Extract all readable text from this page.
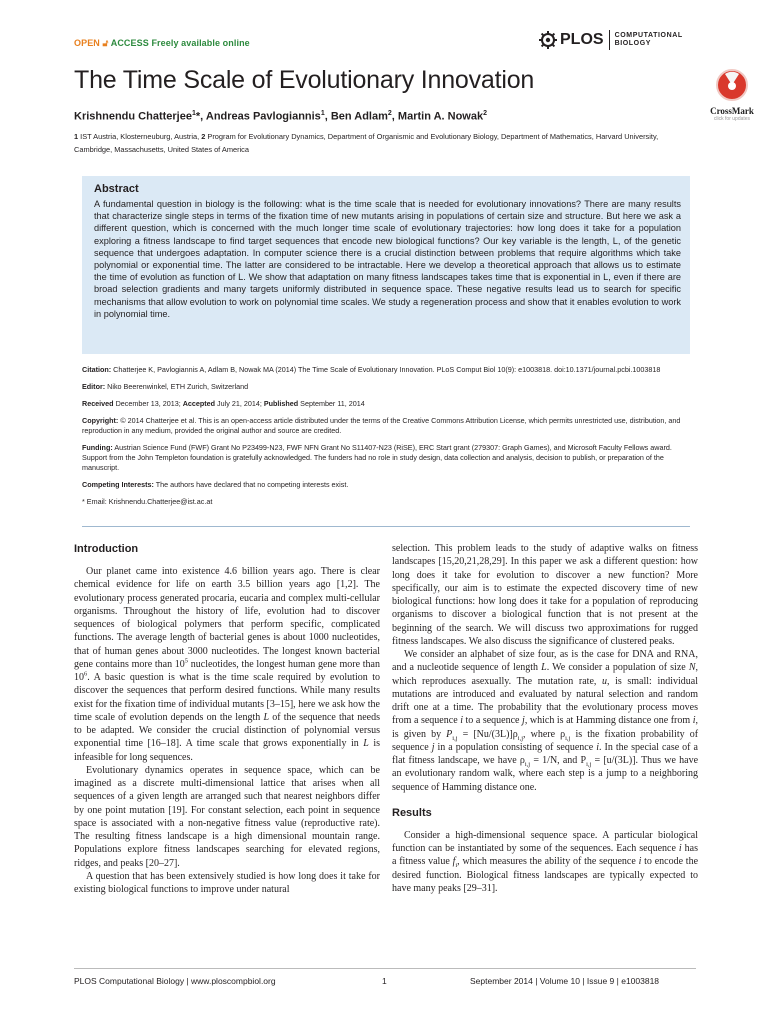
OPEN 🔓︎ ACCESS Freely available online	PLOS COMPUTATIONAL
BIOLOGY
The Time Scale of Evolutionary Innovation
CrossMark
click for updates
Krishnendu Chatterjee$^1$*, Andreas Pavlogiannis$^1$, Ben Adlam$^2$, Martin A. Nowak$^2$
1 IST Austria, Klosterneuburg, Austria, 2 Program for Evolutionary Dynamics, Department of Organismic and Evolutionary Biology, Department of Mathematics, Harvard University, Cambridge, Massachusetts, United States of America
Abstract

A fundamental question in biology is the following: what is the time scale that is needed for evolutionary innovations? There are many results that characterize single steps in terms of the fixation time of new mutants arising in populations of certain size and structure. But here we ask a different question, which is concerned with the much longer time scale of evolutionary trajectories: how long does it take for a population exploring a fitness landscape to find target sequences that encode new biological functions? Our key variable is the length, L, of the genetic sequence that undergoes adaptation. In computer science there is a crucial distinction between problems that require algorithms which take polynomial or exponential time. The latter are considered to be intractable. Here we develop a theoretical approach that allows us to estimate the time of evolution as function of L. We show that adaptation on many fitness landscapes takes time that is exponential in L, even if there are broad selection gradients and many targets uniformly distributed in sequence space. These negative results lead us to search for specific mechanisms that allow evolution to work on polynomial time scales. We study a regeneration process and show that it enables evolution to work in polynomial time.

Citation: Chatterjee K, Pavlogiannis A, Adlam B, Nowak MA (2014) The Time Scale of Evolutionary Innovation. PLoS Comput Biol 10(9): e1003818. doi:10.1371/journal.pcbi.1003818

Editor: Niko Beerenwinkel, ETH Zurich, Switzerland

Received December 13, 2013; Accepted July 21, 2014; Published September 11, 2014

Copyright: © 2014 Chatterjee et al. This is an open-access article distributed under the terms of the Creative Commons Attribution License, which permits unrestricted use, distribution, and reproduction in any medium, provided the original author and source are credited.

Funding: Austrian Science Fund (FWF) Grant No P23499-N23, FWF NFN Grant No S11407-N23 (RiSE), ERC Start grant (279307: Graph Games), and Microsoft Faculty Fellows award. Support from the John Templeton foundation is gratefully acknowledged. The funders had no role in study design, data collection and analysis, decision to publish, or preparation of the manuscript.

Competing Interests: The authors have declared that no competing interests exist.

* Email: Krishnendu.Chatterjee@ist.ac.at

Introduction

Our planet came into existence 4.6 billion years ago. There is clear chemical evidence for life on earth 3.5 billion years ago [1,2]. The evolutionary process generated procaria, eucaria and complex multi-cellular organisms. Throughout the history of life, evolution had to discover sequences of biological polymers that perform specific, complicated functions. The average length of bacterial genes is about 1000 nucleotides, that of human genes about 3000 nucleotides. The longest known bacterial gene contains more than $10^5$ nucleotides, the longest human gene more than $10^6$. A basic question is what is the time scale required by evolution to discover the sequences that perform desired functions. While many results exist for the fixation time of individual mutants [3–15], here we ask how the time scale of evolution depends on the length L of the sequence that needs to be adapted. We consider the crucial distinction of polynomial versus exponential time [16–18]. A time scale that grows exponentially in L is infeasible for long sequences.

Evolutionary dynamics operates in sequence space, which can be imagined as a discrete multi-dimensional lattice that arises when all sequences of a given length are arranged such that nearest neighbors differ by one point mutation [19]. For constant selection, each point in sequence space is associated with a non-negative fitness value (reproductive rate). The resulting fitness landscape is a high dimensional mountain range. Populations explore fitness landscapes searching for elevated regions, ridges, and peaks [20–27].

A question that has been extensively studied is how long does it take for existing biological functions to improve under natural

selection. This problem leads to the study of adaptive walks on fitness landscapes [15,20,21,28,29]. In this paper we ask a different question: how long does it take for evolution to discover a new function? More specifically, our aim is to estimate the expected discovery time of new biological functions: how long does it take for a population of reproducing organisms to discover a biological function that is not present at the beginning of the search. We will discuss two approximations for rugged fitness landscapes. We also discuss the significance of clustered peaks.

We consider an alphabet of size four, as is the case for DNA and RNA, and a nucleotide sequence of length L. We consider a population of size N, which reproduces asexually. The mutation rate, u, is small: individual mutations are introduced and evaluated by natural selection and random drift one at a time. The probability that the evolutionary process moves from a sequence i to a sequence j, which is at Hamming distance one from i, is given by $P_{i,j} = [Nu/(3L)]\rho_{i,j}$, where $\rho_{i,j}$ is the fixation probability of sequence j in a population consisting of sequence i. In the special case of a flat fitness landscape, we have $\rho_{i,j} = 1/N$, and $P_{i,j} = [u/(3L)]$. Thus we have an evolutionary random walk, where each step is a jump to a neighboring sequence of Hamming distance one.

Results

Consider a high-dimensional sequence space. A particular biological function can be instantiated by some of the sequences. Each sequence i has a fitness value $f_i$, which measures the ability of the sequence i to encode the desired function. Biological fitness landscapes are typically expected to have many peaks [29–31].

PLOS Computational Biology | www.ploscompbiol.org	1	September 2014 | Volume 10 | Issue 9 | e1003818
